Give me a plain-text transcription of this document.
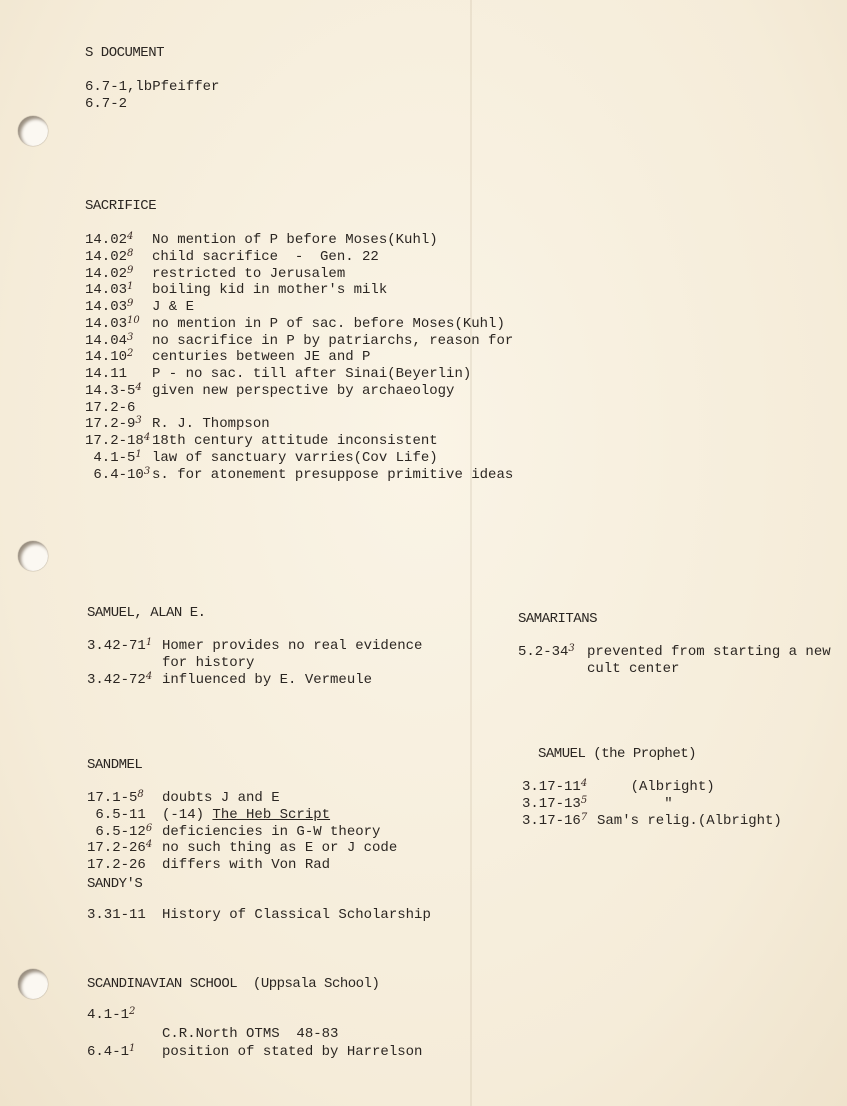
S DOCUMENT
6.7-1,lbPfeiffer
6.7-2
SACRIFICE
14.024 No mention of P before Moses(Kuhl)
14.028 child sacrifice  -  Gen. 22
14.029 restricted to Jerusalem
14.031 boiling kid in mother's milk
14.039 J & E
14.0310 no mention in P of sac. before Moses(Kuhl)
14.043 no sacrifice in P by patriarchs, reason for
14.102 centuries between JE and P
14.11 P - no sac. till after Sinai(Beyerlin)
14.3-54 given new perspective by archaeology
17.2-6
17.2-93 R. J. Thompson
17.2-184 18th century attitude inconsistent
4.1-51 law of sanctuary varries(Cov Life)
6.4-103 s. for atonement presuppose primitive ideas
SAMUEL, ALAN E.
3.42-711 Homer provides no real evidence
for history
3.42-724 influenced by E. Vermeule
SAMARITANS
5.2-343 prevented from starting a new
cult center
SANDMEL
17.1-58 doubts J and E
6.5-11 (-14) The Heb Script
6.5-126 deficiencies in G-W theory
17.2-264 no such thing as E or J code
17.2-26 differs with Von Rad
SAMUEL (the Prophet)
3.17-114    (Albright)
3.17-135        "
3.17-167 Sam's relig.(Albright)
SANDY'S
3.31-11 History of Classical Scholarship
SCANDINAVIAN SCHOOL  (Uppsala School)
4.1-12
C.R.North OTMS  48-83
6.4-11 position of stated by Harrelson
